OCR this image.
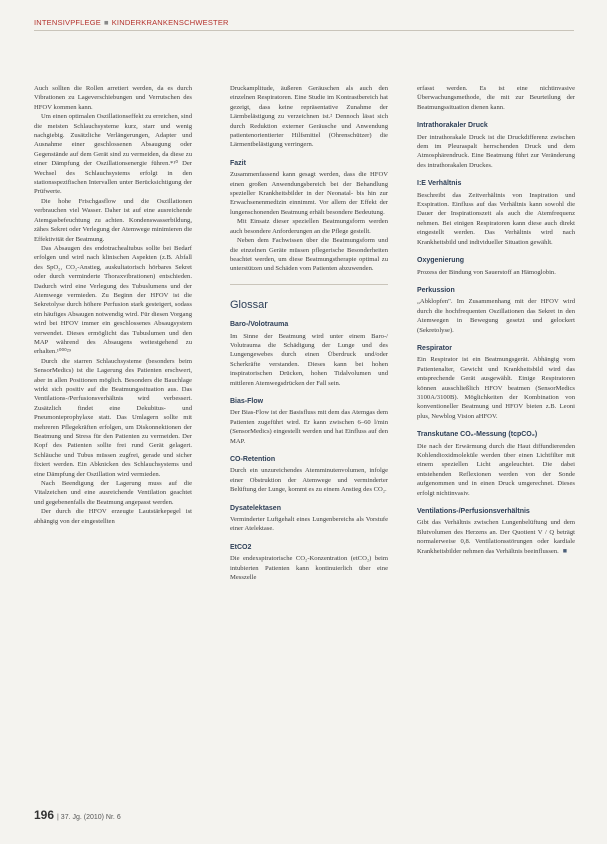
INTENSIVPFLEGE ■ KINDERKRANKENSCHWESTER

Auch sollten die Rollen arretiert werden, da es durch Vibrationen zu Lageverschiebungen und Verrutschen des HFOV kommen kann.

Um einen optimalen Oszillationseffekt zu erreichen, sind die meisten Schlauchsysteme kurz, starr und wenig nachgiebig. Zusätzliche Verlängerungen, Adapter und Ausnahme einer geschlossenen Absaugung oder Gegenstände auf dem Gerät sind zu vermeiden, da diese zu einer Dämpfung der Oszillationsenergie führen.*¹⁰ Der Wechsel des Schlauchsystems erfolgt in den stationsspezifischen Intervallen unter Berücksichtigung der Prüfwerte.

Die hohe Frischgasflow und die Oszillationen verbrauchen viel Wasser. Daher ist auf eine ausreichende Atemgasbefeuchtung zu achten. Kondenswasserbildung, zähes Sekret oder Verlegung der Atemwege minimieren die Effektivität der Beatmung.

Das Absaugen des endotrachealtubus sollte bei Bedarf erfolgen und wird nach klinischen Aspekten (z.B. Abfall des SpO₂, CO₂-Anstieg, auskultatorisch hörbares Sekret oder durch verminderte Thoraxvibrationen) entschieden. Dadurch wird eine Verlegung des Tubuslumens und der Atemwege vermieden. Zu Beginn der HFOV ist die Sekretolyse durch höhere Perfusion stark gesteigert, sodass ein häufiges Absaugen notwendig wird. Für diesen Vorgang wird bei HFOV immer ein geschlossenes Absaugsystem verwendet. Dieses ermöglicht das Tubuslumen und den MAP während des Absaugens weitestgehend zu erhalten.¹⁰⁰⁰²⁹

Durch die starren Schlauchsysteme (besonders beim SensorMedics) ist die Lagerung des Patienten erschwert, aber in allen Positionen möglich. Besonders die Bauchlage wirkt sich positiv auf die Beatmungssituation aus. Das Ventilations-/Perfusionsverhältnis wird verbessert. Zusätzlich findet eine Dekubitus- und Pneumonieprophylaxe statt. Das Umlagern sollte mit mehreren Pflegekräften erfolgen, um Diskonnektionen der Beatmung und Stress für den Patienten zu vermeiden. Der Kopf des Patienten sollte frei rund Gerät gelagert. Schläuche und Tubus müssen zugfrei, gerade und sicher fixiert werden. Ein Abknicken des Schlauchsystems und eine Dämpfung der Oszillation wird vermieden.

Nach Beendigung der Lagerung muss auf die Vitalzeichen und eine ausreichende Ventilation geachtet und gegebenenfalls die Beatmung angepasst werden.

Der durch die HFOV erzeugte Lautstärkepegel ist abhängig von der eingestellten

Druckamplitude, äußeren Geräuschen als auch den einzelnen Respiratoren. Eine Studie im Kontrastbereich hat gezeigt, dass keine repräsentative Zunahme der Lärmbelästigung zu verzeichnen ist.² Dennoch lässt sich durch Reduktion externer Geräusche und Anwendung patientenorientierter Hilfsmittel (Ohrenschützer) die Lärmentbelästigung verringern.

Fazit

Zusammenfassend kann gesagt werden, dass die HFOV einen großen Anwendungsbereich bei der Behandlung spezieller Krankheitsbilder in der Neonatal- bis hin zur Erwachsenenmedizin einnimmt. Vor allem der Effekt der lungenschonenden Beatmung erhält besondere Bedeutung.

Mit Einsatz dieser speziellen Beatmungsform werden auch besondere Anforderungen an die Pflege gestellt.

Neben dem Fachwissen über die Beatmungsform und die einzelnen Geräte müssen pflegerische Besonderheiten beachtet werden, um diese Beatmungstherapie optimal zu unterstützen und Schäden vom Patienten abzuwenden.

Glossar
Baro-/Volotrauma

Im Sinne der Beatmung wird unter einem Baro-/ Volutrauma die Schädigung der Lunge und des Lungengewebes durch einen Überdruck und/oder Scherkräfte verstanden. Dieses kann bei hohen inspiratorischen Drücken, hohen Tidalvolumen und mittleren Atemwegsdrücken der Fall sein.

Bias-Flow

Der Bias-Flow ist der Basisfluss mit dem das Atemgas dem Patienten zugeführt wird. Er kann zwischen 6–60 l/min (SensorMedics) eingestellt werden und hat Einfluss auf den MAP.

CO-Retention

Durch ein unzureichendes Atemminutenvolumen, infolge einer Obstruktion der Atemwege und verminderter Belüftung der Lunge, kommt es zu einem Anstieg des CO₂.

Dysatelektasen

Verminderter Luftgehalt eines Lungenbereichs als Vorstufe einer Atelektase.

EtCO2

Die endexspiratorische CO₂-Konzentration (etCO₂) beim intubierten Patienten kann kontinuierlich über eine Messzelle

erfasst werden. Es ist eine nichtinvasive Überwachungsmethode, die mit zur Beurteilung der Beatmungssituation dienen kann.

Intrathorakaler Druck

Der intrathorakale Druck ist die Druckdifferenz zwischen dem im Pleuraspalt herrschenden Druck und dem Atmosphärendruck. Eine Beatmung führt zur Veränderung des intrathorakalen Druckes.

I:E Verhältnis

Beschreibt das Zeitverhältnis von Inspiration und Exspiration. Einfluss auf das Verhältnis kann sowohl die Dauer der Inspirationszeit als auch die Atemfrequenz nehmen. Bei einigen Respiratoren kann diese auch direkt eingestellt werden. Das Verhältnis wird nach Krankheitsbild und individueller Situation gewählt.

Oxygenierung

Prozess der Bindung von Sauerstoff an Hämoglobin.

Perkussion

„Abklopfen". Im Zusammenhang mit der HFOV wird durch die hochfrequenten Oszillationen das Sekret in den Atemwegen in Bewegung gesetzt und gelockert (Sekretolyse).

Respirator

Ein Respirator ist ein Beatmungsgerät. Abhängig vom Patientenalter, Gewicht und Krankheitsbild wird das entsprechende Gerät ausgewählt. Einige Respiratoren können ausschließlich HFOV beatmen (SensorMedics 3100A/3100B). Möglichkeiten der Kombination von konventioneller Beatmung und HFOV bieten z.B. Leoni plus, Newblog Vision aHFOV.

Transkutane CO₂-Messung (tcpCO₂)

Die nach der Erwärmung durch die Haut diffundierenden Kohlendioxidmoleküle werden über einen Lichtfilter mit einem speziellen Licht angeleuchtet. Die dabei entstehenden Reflexionen werden von der Sonde aufgenommen und in einen Druck umgerechnet. Dieses erfolgt nichtinvasiv.

Ventilations-/Perfusionsverhältnis

Gibt das Verhältnis zwischen Lungenbelüftung und dem Blutvolumen des Herzens an. Der Quotient V / Q beträgt normalerweise 0,8. Ventilationsstörungen oder kardiale Krankheitsbilder nehmen das Verhältnis beeinflussen. ■

196 | 37. Jg. (2010) Nr. 6
